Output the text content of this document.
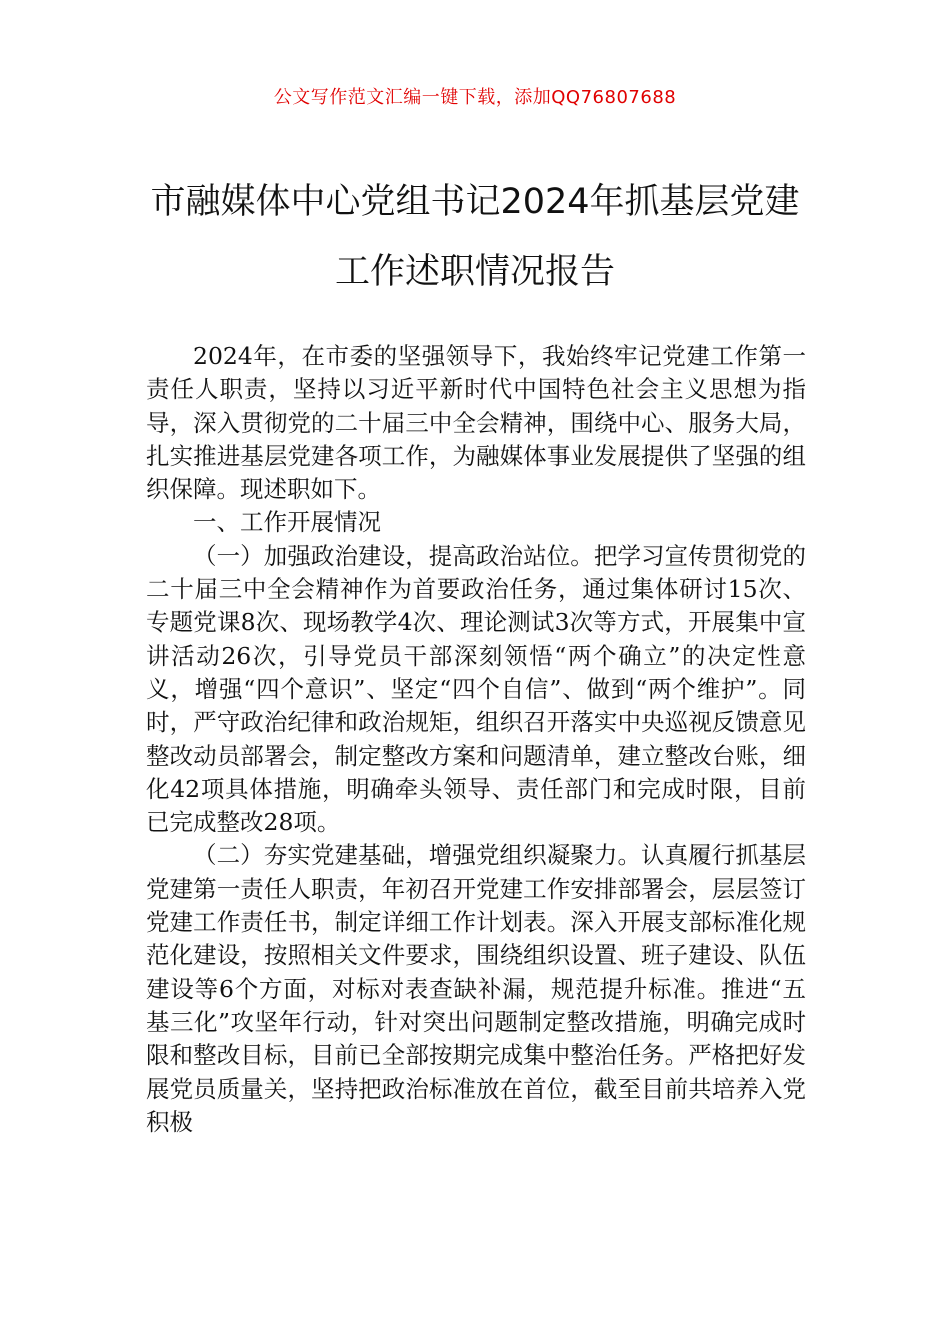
公文写作范文汇编一键下载，添加QQ76807688
市融媒体中心党组书记2024年抓基层党建
工作述职情况报告

2024年，在市委的坚强领导下，我始终牢记党建工作第一责任人职责，坚持以习近平新时代中国特色社会主义思想为指导，深入贯彻党的二十届三中全会精神，围绕中心、服务大局，扎实推进基层党建各项工作，为融媒体事业发展提供了坚强的组织保障。现述职如下。

一、工作开展情况

（一）加强政治建设，提高政治站位。把学习宣传贯彻党的二十届三中全会精神作为首要政治任务，通过集体研讨15次、专题党课8次、现场教学4次、理论测试3次等方式，开展集中宣讲活动26次，引导党员干部深刻领悟“两个确立”的决定性意义，增强“四个意识”、坚定“四个自信”、做到“两个维护”。同时，严守政治纪律和政治规矩，组织召开落实中央巡视反馈意见整改动员部署会，制定整改方案和问题清单，建立整改台账，细化42项具体措施，明确牵头领导、责任部门和完成时限，目前已完成整改28项。

（二）夯实党建基础，增强党组织凝聚力。认真履行抓基层党建第一责任人职责，年初召开党建工作安排部署会，层层签订党建工作责任书，制定详细工作计划表。深入开展支部标准化规范化建设，按照相关文件要求，围绕组织设置、班子建设、队伍建设等6个方面，对标对表查缺补漏，规范提升标准。推进“五基三化”攻坚年行动，针对突出问题制定整改措施，明确完成时限和整改目标，目前已全部按期完成集中整治任务。严格把好发展党员质量关，坚持把政治标准放在首位，截至目前共培养入党积极
